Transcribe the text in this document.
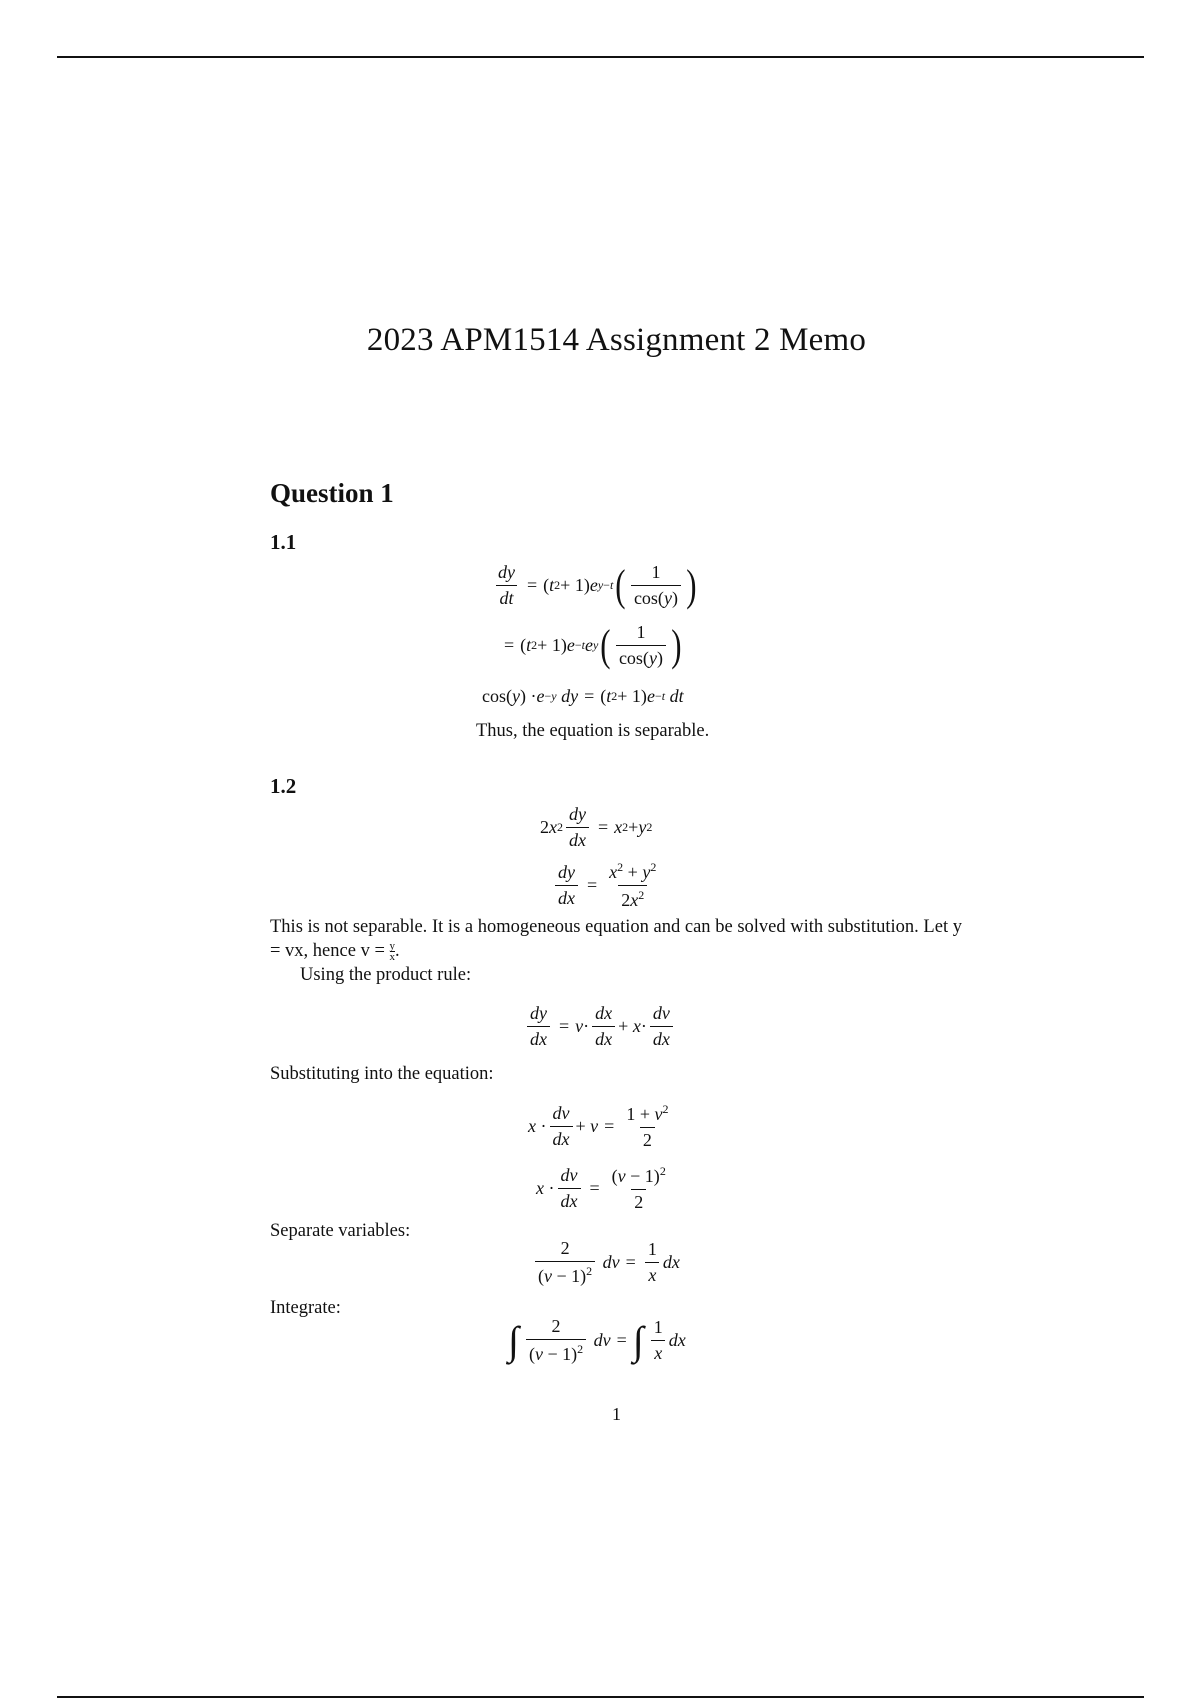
2023 APM1514 Assignment 2 Memo
Question 1
1.1
$\frac{dy}{dt}$ = ( t 2 + 1) e y−t ( $\frac{1}{\cos(y)}$ )
= ( t 2 + 1) e −t e y ( $\frac{1}{\cos(y)}$ )
cos( y ) · e −y dy = ( t 2 + 1) e −t dt
Thus, the equation is separable.
1.2
2 x $2 \frac{dy}{dx} = x$ 2 + y 2
$\frac{dy}{dx} = \frac{x^2 + y^2}{2x^2}$
This is not separable. It is a homogeneous equation and can be solved with substitution. Let y = vx, hence $v = \frac{y}{x}$ .
Using the product rule:
$\frac{dy}{dx} = v \cdot \frac{dx}{dx} + x \cdot \frac{dv}{dx}$
Substituting into the equation:
$x \cdot \frac{dv}{dx} + v = \frac{1 + v^2}{2}$
$x \cdot \frac{dv}{dx} = \frac{(v - 1)^2}{2}$
Separate variables:
$\frac{2}{(v - 1)^2}$ dv = $\frac{1}{x}$ dx
Integrate:
∫ $\frac{2}{(v - 1)^2}$ dv = ∫ $\frac{1}{x}$ dx
1
